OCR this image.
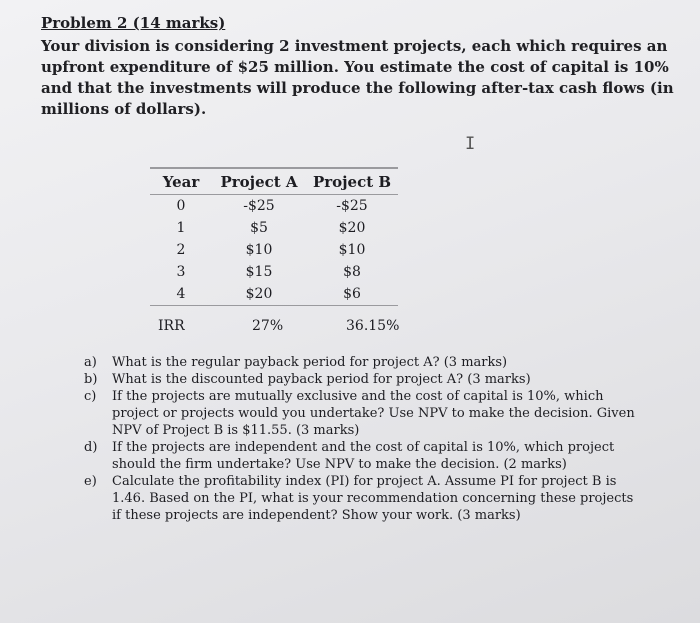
Problem 2 (14 marks)
Your division is considering 2 investment projects, each which requires an upfront expenditure of $25 million. You estimate the cost of capital is 10% and that the investments will produce the following after-tax cash flows (in millions of dollars).
I
Year	Project A	Project B
0	-$25	-$25
1	$5	$20
2	$10	$10
3	$15	$8
4	$20	$6
IRR	27%	36.15%
a) What is the regular payback period for project A? (3 marks)
b) What is the discounted payback period for project A? (3 marks)
c) If the projects are mutually exclusive and the cost of capital is 10%, which project or projects would you undertake? Use NPV to make the decision. Given NPV of Project B is $11.55. (3 marks)
d) If the projects are independent and the cost of capital is 10%, which project should the firm undertake? Use NPV to make the decision. (2 marks)
e) Calculate the profitability index (PI) for project A. Assume PI for project B is 1.46. Based on the PI, what is your recommendation concerning these projects if these projects are independent? Show your work. (3 marks)
